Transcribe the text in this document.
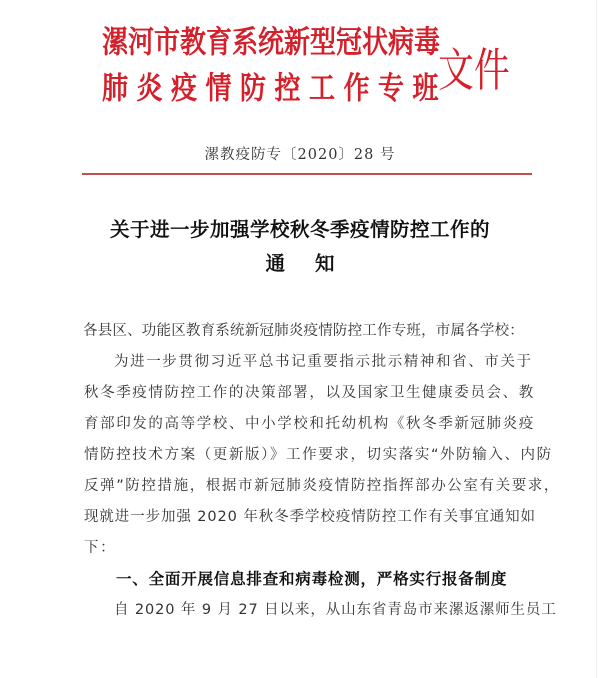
漯河市教育系统新型冠状病毒
肺炎疫情防控工作专班
文件
漯教疫防专〔2020〕28 号
关于进一步加强学校秋冬季疫情防控工作的
通知

各县区、功能区教育系统新冠肺炎疫情防控工作专班，市属各学校：

为进一步贯彻习近平总书记重要指示批示精神和省、市关于

秋冬季疫情防控工作的决策部署，以及国家卫生健康委员会、教

育部印发的高等学校、中小学校和托幼机构《秋冬季新冠肺炎疫

情防控技术方案（更新版）》工作要求，切实落实“外防输入、内防

反弹”防控措施，根据市新冠肺炎疫情防控指挥部办公室有关要求，

现就进一步加强 2020 年秋冬季学校疫情防控工作有关事宜通知如

下：

一、全面开展信息排查和病毒检测，严格实行报备制度

自 2020 年 9 月 27 日以来，从山东省青岛市来漯返漯师生员工
